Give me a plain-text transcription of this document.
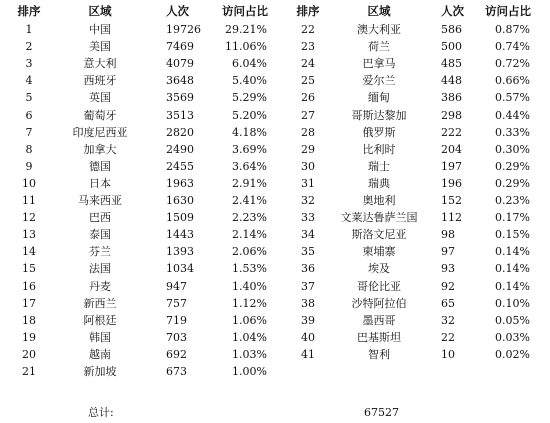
排序	区域	人次	访问占比
1	中国	19726	29.21%
2	美国	7469	11.06%
3	意大利	4079	6.04%
4	西班牙	3648	5.40%
5	英国	3569	5.29%
6	葡萄牙	3513	5.20%
7	印度尼西亚	2820	4.18%
8	加拿大	2490	3.69%
9	德国	2455	3.64%
10	日本	1963	2.91%
11	马来西亚	1630	2.41%
12	巴西	1509	2.23%
13	泰国	1443	2.14%
14	芬兰	1393	2.06%
15	法国	1034	1.53%
16	丹麦	947	1.40%
17	新西兰	757	1.12%
18	阿根廷	719	1.06%
19	韩国	703	1.04%
20	越南	692	1.03%
21	新加坡	673	1.00%
排序	区域	人次 访问占比
22	澳大利亚	586	0.87%
23	荷兰	500	0.74%
24	巴拿马	485	0.72%
25	爱尔兰	448	0.66%
26	缅甸	386	0.57%
27	哥斯达黎加	298	0.44%
28	俄罗斯	222	0.33%
29	比利时	204	0.30%
30	瑞士	197	0.29%
31	瑞典	196	0.29%
32	奥地利	152	0.23%
33	文莱达鲁萨兰国	112	0.17%
34	斯洛文尼亚	98	0.15%
35	柬埔寨	97	0.14%
36	埃及	93	0.14%
37	哥伦比亚	92	0.14%
38	沙特阿拉伯	65	0.10%
39	墨西哥	32	0.05%
40	巴基斯坦	22	0.03%
41	智利	10	0.02%
总计:	67527
